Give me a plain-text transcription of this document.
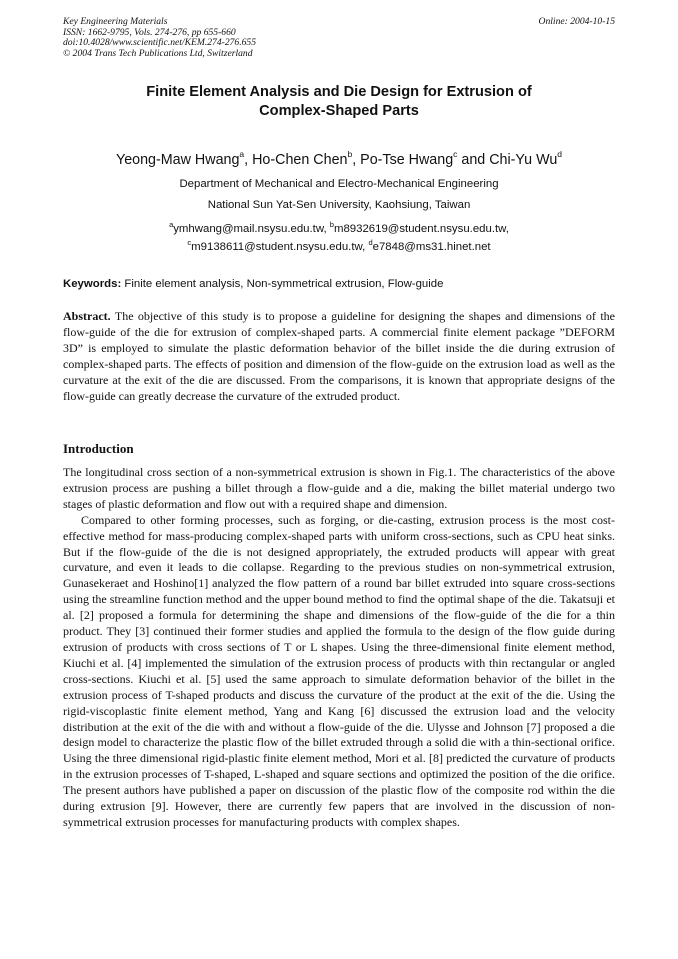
Key Engineering Materials
ISSN: 1662-9795, Vols. 274-276, pp 655-660
doi:10.4028/www.scientific.net/KEM.274-276.655
© 2004 Trans Tech Publications Ltd, Switzerland
Online: 2004-10-15
Finite Element Analysis and Die Design for Extrusion of
Complex-Shaped Parts
Yeong-Maw Hwang$^a$, Ho-Chen Chen$^b$, Po-Tse Hwang$^c$ and Chi-Yu Wu$^d$
Department of Mechanical and Electro-Mechanical Engineering
National Sun Yat-Sen University, Kaohsiung, Taiwan
$^a$ymhwang@mail.nsysu.edu.tw, $^b$m8932619@student.nsysu.edu.tw,
$^c$m9138611@student.nsysu.edu.tw, $^d$e7848@ms31.hinet.net
Keywords: Finite element analysis, Non-symmetrical extrusion, Flow-guide

Abstract. The objective of this study is to propose a guideline for designing the shapes and dimensions of the flow-guide of the die for extrusion of complex-shaped parts. A commercial finite element package ”DEFORM 3D” is employed to simulate the plastic deformation behavior of the billet inside the die during extrusion of complex-shaped parts. The effects of position and dimension of the flow-guide on the extrusion load as well as the curvature at the exit of the die are discussed. From the comparisons, it is known that appropriate designs of the flow-guide can greatly decrease the curvature of the extruded product.

Introduction

The longitudinal cross section of a non-symmetrical extrusion is shown in Fig.1. The characteristics of the above extrusion process are pushing a billet through a flow-guide and a die, making the billet material undergo two stages of plastic deformation and flow out with a required shape and dimension.

Compared to other forming processes, such as forging, or die-casting, extrusion process is the most cost-effective method for mass-producing complex-shaped parts with uniform cross-sections, such as CPU heat sinks. But if the flow-guide of the die is not designed appropriately, the extruded products will appear with great curvature, and even it leads to die collapse. Regarding to the previous studies on non-symmetrical extrusion, Gunasekeraet and Hoshino[1] analyzed the flow pattern of a round bar billet extruded into square cross-sections using the streamline function method and the upper bound method to find the optimal shape of the die. Takatsuji et al. [2] proposed a formula for determining the shape and dimensions of the flow-guide of the die for a thin product. They [3] continued their former studies and applied the formula to the design of the flow guide during extrusion of products with cross sections of T or L shapes. Using the three-dimensional finite element method, Kiuchi et al. [4] implemented the simulation of the extrusion process of products with thin rectangular or angled cross-sections. Kiuchi et al. [5] used the same approach to simulate deformation behavior of the billet in the extrusion process of T-shaped products and discuss the curvature of the product at the exit of the die. Using the rigid-viscoplastic finite element method, Yang and Kang [6] discussed the extrusion load and the velocity distribution at the exit of the die with and without a flow-guide of the die. Ulysse and Johnson [7] proposed a die design model to characterize the plastic flow of the billet extruded through a solid die with a thin-sectional orifice. Using the three dimensional rigid-plastic finite element method, Mori et al. [8] predicted the curvature of products in the extrusion processes of T-shaped, L-shaped and square sections and optimized the position of the die orifice. The present authors have published a paper on discussion of the plastic flow of the composite rod within the die during extrusion [9]. However, there are currently few papers that are involved in the discussion of non-symmetrical extrusion processes for manufacturing products with complex shapes.
